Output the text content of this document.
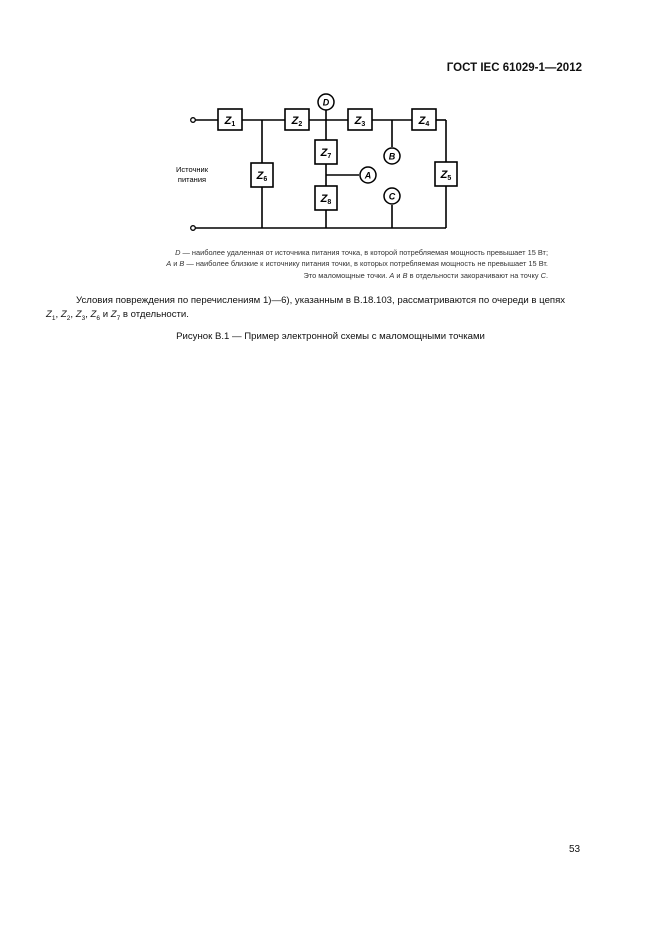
ГОСТ IEC 61029-1—2012
Z1	Z2	Z3	Z4
Z5
Z6
Z7
Z8
D
A
B
C
Источник
питания
D — наиболее удаленная от источника питания точка, в которой потребляемая мощность превышает 15 Вт;
A и B — наиболее близкие к источнику питания точки, в которых потребляемая мощность не превышает 15 Вт.
Это маломощные точки. A и B в отдельности закорачивают на точку C.
Условия повреждения по перечислениям 1)—6), указанным в B.18.103, рассматриваются по очереди в цепях
$Z_1$, $Z_2$, $Z_3$, $Z_6$ и $Z_7$ в отдельности.
Рисунок B.1 — Пример электронной схемы с маломощными точками
53
